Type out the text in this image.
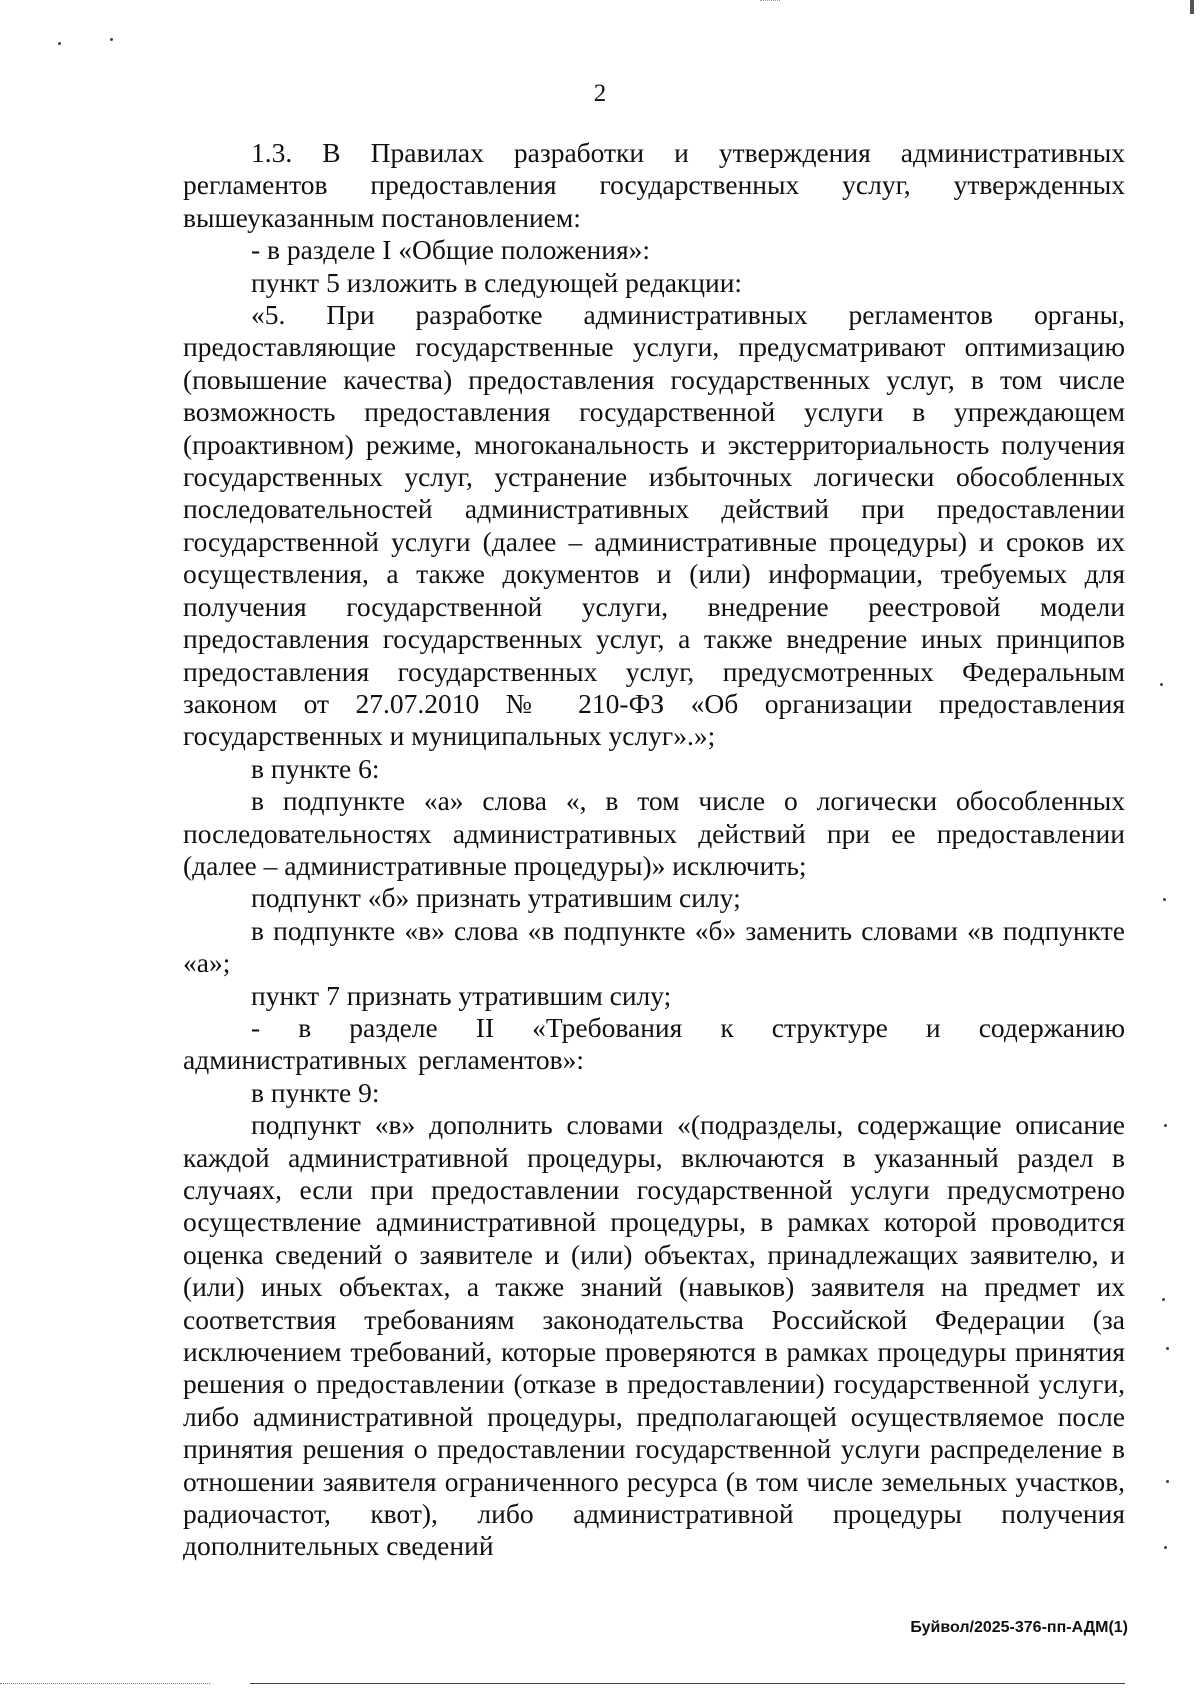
2

1.3. В Правилах разработки и утверждения административных регламентов предоставления государственных услуг, утвержденных вышеуказанным постановлением:

- в разделе I «Общие положения»:

пункт 5 изложить в следующей редакции:

«5. При разработке административных регламентов органы, предоставляющие государственные услуги, предусматривают оптимизацию (повышение качества) предоставления государственных услуг, в том числе возможность предоставления государственной услуги в упреждающем (проактивном) режиме, многоканальность и экстерриториальность получения государственных услуг, устранение избыточных логически обособленных последовательностей административных действий при предоставлении государственной услуги (далее – административные процедуры) и сроков их осуществления, а также документов и (или) информации, требуемых для получения государственной услуги, внедрение реестровой модели предоставления государственных услуг, а также внедрение иных принципов предоставления государственных услуг, предусмотренных Федеральным законом от 27.07.2010 № 210-ФЗ «Об организации предоставления государственных и муниципальных услуг».»;

в пункте 6:

в подпункте «а» слова «, в том числе о логически обособленных последовательностях административных действий при ее предоставлении (далее – административные процедуры)» исключить;

подпункт «б» признать утратившим силу;

в подпункте «в» слова «в подпункте «б» заменить словами «в подпункте «а»;

пункт 7 признать утратившим силу;

- в разделе II «Требования к структуре и содержанию административных регламентов»:

в пункте 9:

подпункт «в» дополнить словами «(подразделы, содержащие описание каждой административной процедуры, включаются в указанный раздел в случаях, если при предоставлении государственной услуги предусмотрено осуществление административной процедуры, в рамках которой проводится оценка сведений о заявителе и (или) объектах, принадлежащих заявителю, и (или) иных объектах, а также знаний (навыков) заявителя на предмет их соответствия требованиям законодательства Российской Федерации (за исключением требований, которые проверяются в рамках процедуры принятия решения о предоставлении (отказе в предоставлении) государственной услуги, либо административной процедуры, предполагающей осуществляемое после принятия решения о предоставлении государственной услуги распределение в отношении заявителя ограниченного ресурса (в том числе земельных участков, радиочастот, квот), либо административной процедуры получения дополнительных сведений

Буйвол/2025-376-пп-АДМ(1)
